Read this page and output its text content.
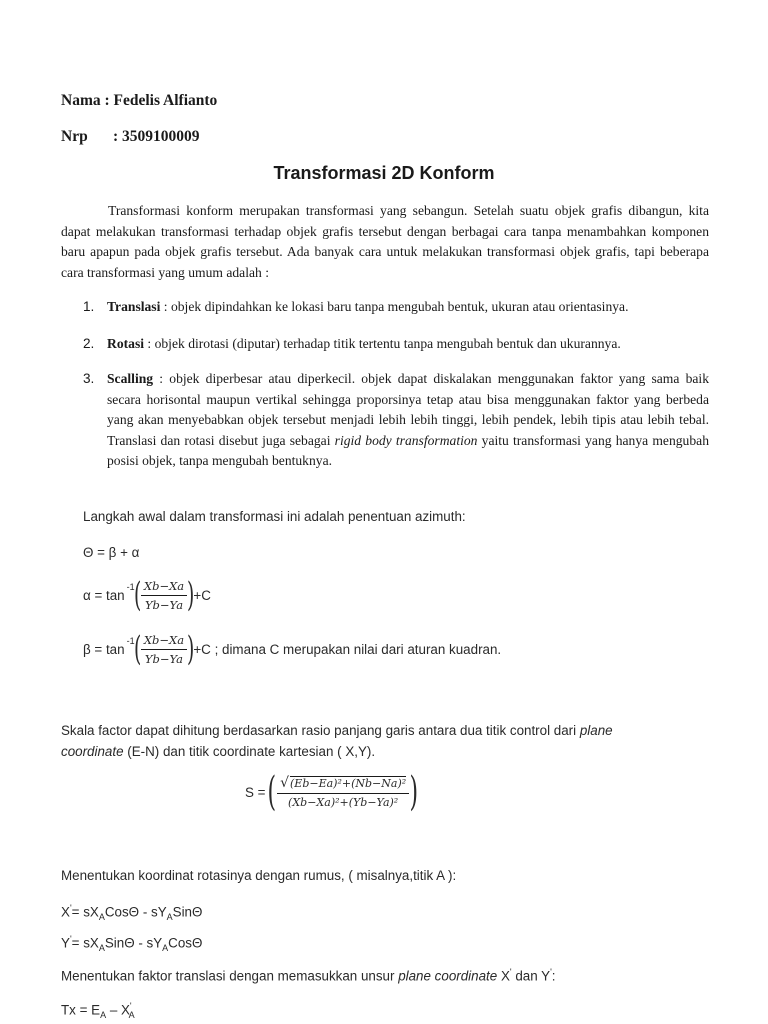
Nama : Fedelis Alfianto
Nrp : 3509100009
Transformasi 2D Konform
Transformasi konform merupakan transformasi yang sebangun. Setelah suatu objek grafis dibangun, kita dapat melakukan transformasi terhadap objek grafis tersebut dengan berbagai cara tanpa menambahkan komponen baru apapun pada objek grafis tersebut. Ada banyak cara untuk melakukan transformasi objek grafis, tapi beberapa cara transformasi yang umum adalah :
1. Translasi : objek dipindahkan ke lokasi baru tanpa mengubah bentuk, ukuran atau orientasinya.
2. Rotasi : objek dirotasi (diputar) terhadap titik tertentu tanpa mengubah bentuk dan ukurannya.
3. Scalling : objek diperbesar atau diperkecil. objek dapat diskalakan menggunakan faktor yang sama baik secara horisontal maupun vertikal sehingga proporsinya tetap atau bisa menggunakan faktor yang berbeda yang akan menyebabkan objek tersebut menjadi lebih lebih tinggi, lebih pendek, lebih tipis atau lebih tebal. Translasi dan rotasi disebut juga sebagai rigid body transformation yaitu transformasi yang hanya mengubah posisi objek, tanpa mengubah bentuknya.
Langkah awal dalam transformasi ini adalah penentuan azimuth:
Θ = β + α
α = tan
$^{-1}$
( $\frac{Xb-Xa}{Yb-Ya}$ )
+C
β = tan
$^{-1}$
( $\frac{Xb-Xa}{Yb-Ya}$ )
+C ; dimana C merupakan nilai dari aturan kuadran.
Skala factor dapat dihitung berdasarkan rasio panjang garis antara dua titik control dari plane coordinate (E-N) dan titik coordinate kartesian ( X,Y).
S = ( $\frac{\text{√ (Eb−Ea)²+(Nb−Na)²}}{\text{(Xb−Xa)²+(Yb−Ya)²}}$ )
Menentukan koordinat rotasinya dengan rumus, ( misalnya,titik A ):
$X'= sX_ACos\Theta - sY_ASin\Theta$
$Y'= sX_ASin\Theta - sY_ACos\Theta$
Menentukan faktor translasi dengan memasukkan unsur plane coordinate X' dan Y':
$Tx = E_A - X'_A$
